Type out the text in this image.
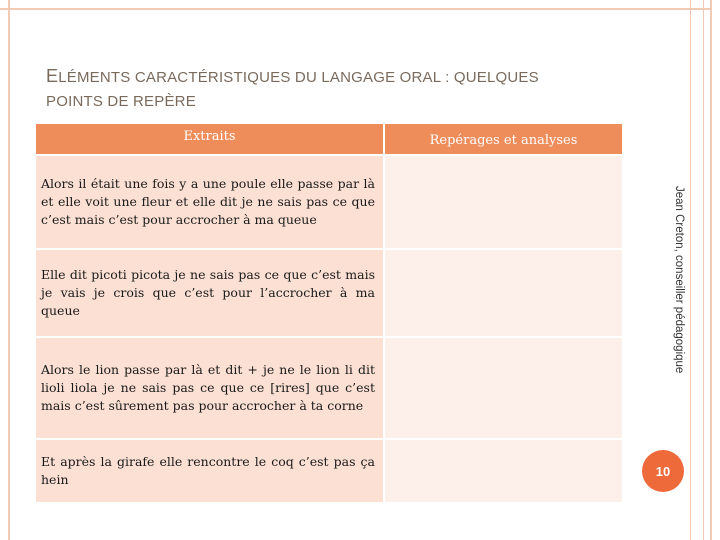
ELÉMENTS CARACTÉRISTIQUES DU LANGAGE ORAL : QUELQUES
POINTS DE REPÈRE
Extraits	Repérages et analyses
Alors il était une fois y a une poule elle passe par là et elle voit une fleur et elle dit je ne sais pas ce que c’est mais c’est pour accrocher à ma queue
Elle dit picoti picota je ne sais pas ce que c’est mais je vais je crois que c’est pour l’accrocher à ma queue
Alors le lion passe par là et dit + je ne le lion li dit lioli liola je ne sais pas ce que ce [rires] que c’est mais c’est sûrement pas pour accrocher à ta corne
Et après la girafe elle rencontre le coq c’est pas ça hein
Jean Creton, conseiller pédagogique
10
